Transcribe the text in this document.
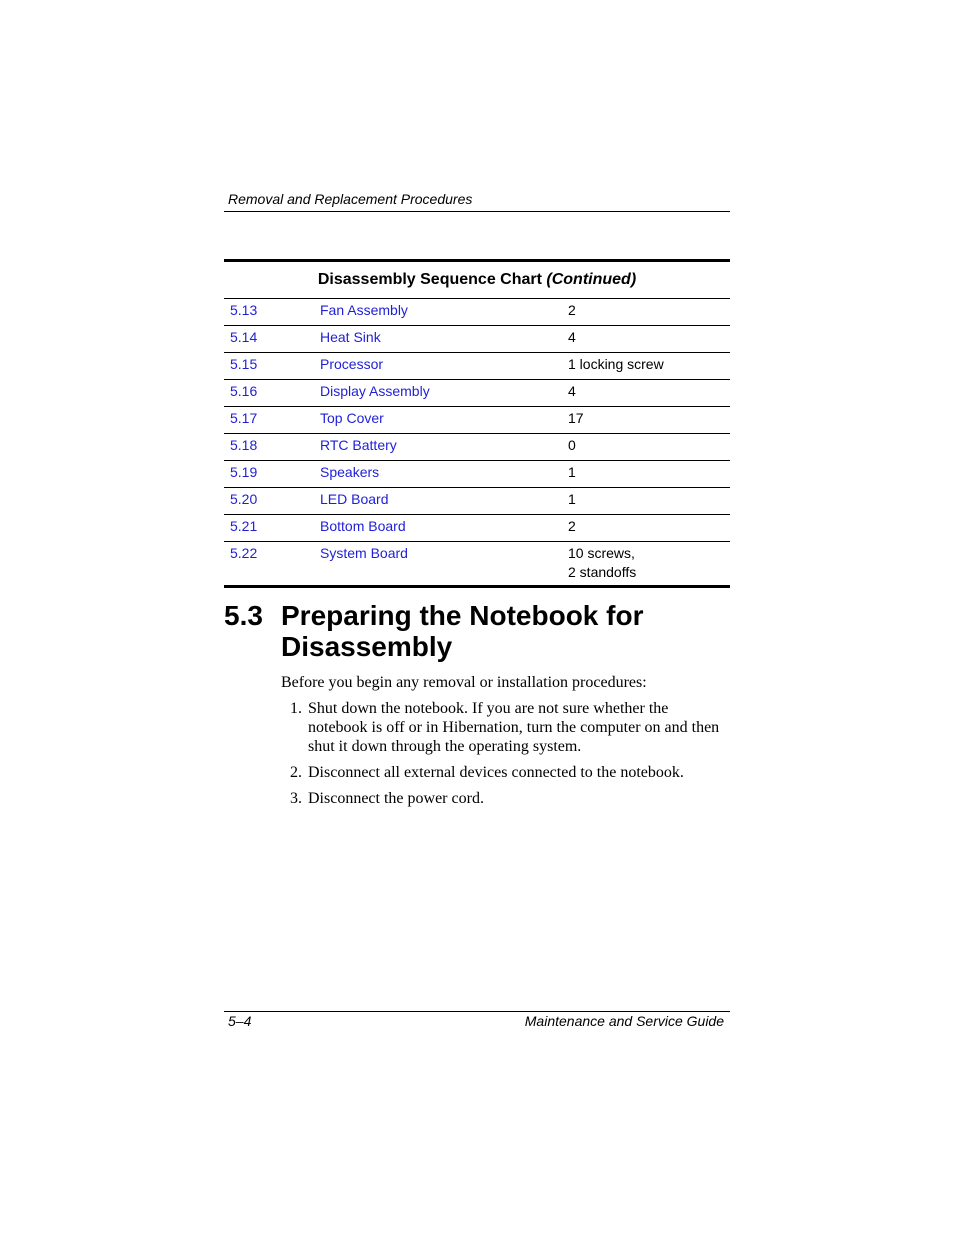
Removal and Replacement Procedures
Disassembly Sequence Chart (Continued)
5.13	Fan Assembly	2
5.14	Heat Sink	4
5.15	Processor	1 locking screw
5.16	Display Assembly	4
5.17	Top Cover	17
5.18	RTC Battery	0
5.19	Speakers	1
5.20	LED Board	1
5.21	Bottom Board	2
5.22	System Board	10 screws,
2 standoffs
5.3 Preparing the Notebook for Disassembly

Before you begin any removal or installation procedures:

1. Shut down the notebook. If you are not sure whether the notebook is off or in Hibernation, turn the computer on and then shut it down through the operating system.
2. Disconnect all external devices connected to the notebook.
3. Disconnect the power cord.
5–4	Maintenance and Service Guide
